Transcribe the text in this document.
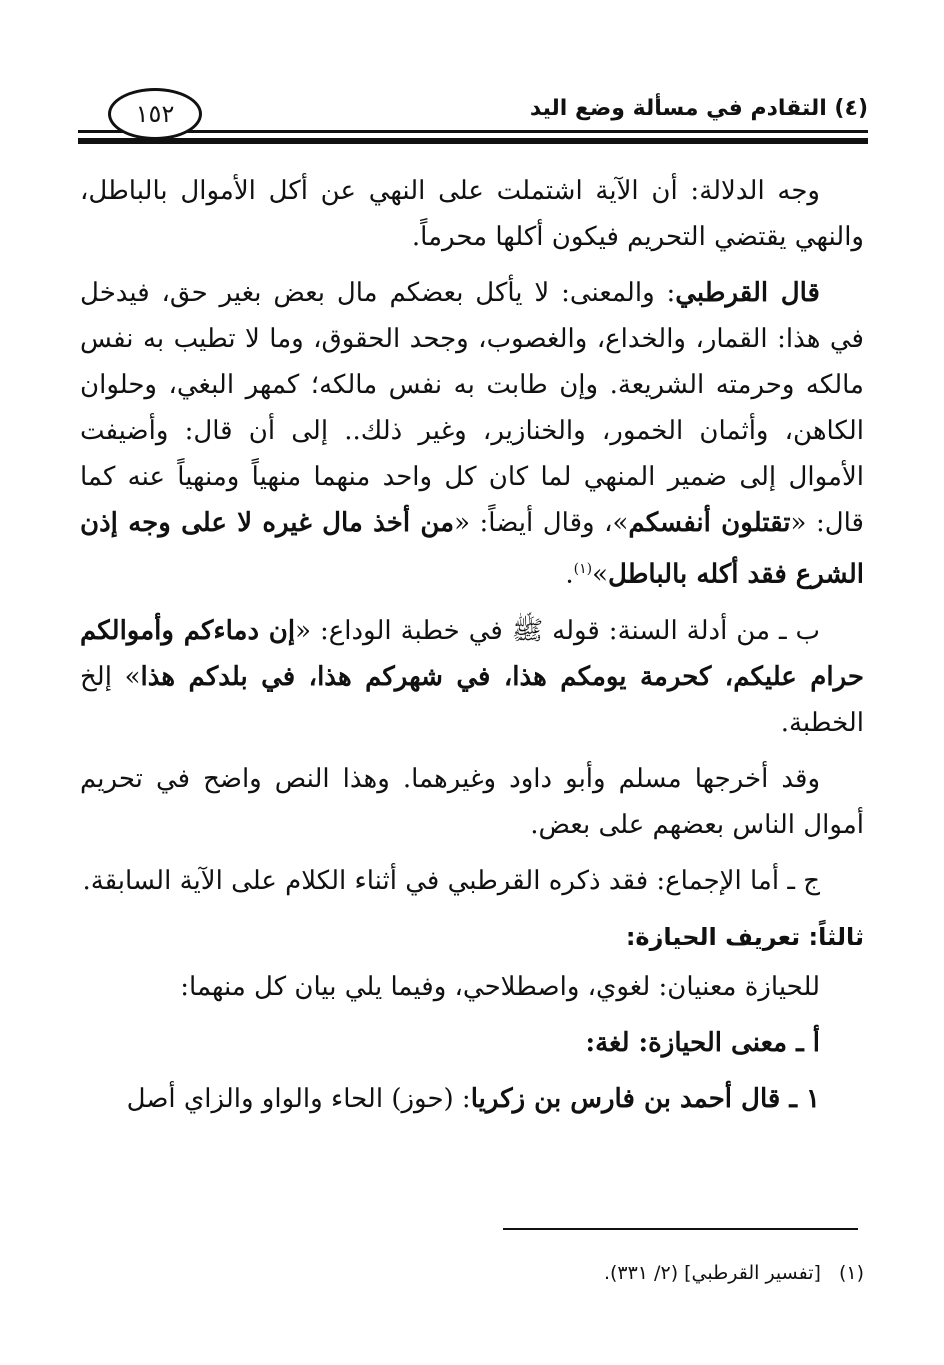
١٥٢	(٤) التقادم في مسألة وضع اليد

وجه الدلالة: أن الآية اشتملت على النهي عن أكل الأموال بالباطل، والنهي يقتضي التحريم فيكون أكلها محرماً.

قال القرطبي: والمعنى: لا يأكل بعضكم مال بعض بغير حق، فيدخل في هذا: القمار، والخداع، والغصوب، وجحد الحقوق، وما لا تطيب به نفس مالكه وحرمته الشريعة. وإن طابت به نفس مالكه؛ كمهر البغي، وحلوان الكاهن، وأثمان الخمور، والخنازير، وغير ذلك.. إلى أن قال: وأضيفت الأموال إلى ضمير المنهي لما كان كل واحد منهما منهياً ومنهياً عنه كما قال: «تقتلون أنفسكم»، وقال أيضاً: «من أخذ مال غيره لا على وجه إذن الشرع فقد أكله بالباطل»$^{(١)}$.

ب ـ من أدلة السنة: قوله ﷺ في خطبة الوداع: «إن دماءكم وأموالكم حرام عليكم، كحرمة يومكم هذا، في شهركم هذا، في بلدكم هذا» إلخ الخطبة.

وقد أخرجها مسلم وأبو داود وغيرهما. وهذا النص واضح في تحريم أموال الناس بعضهم على بعض.

ج ـ أما الإجماع: فقد ذكره القرطبي في أثناء الكلام على الآية السابقة.

ثالثاً: تعريف الحيازة:

للحيازة معنيان: لغوي، واصطلاحي، وفيما يلي بيان كل منهما:

أ ـ معنى الحيازة: لغة:

١ ـ قال أحمد بن فارس بن زكريا: (حوز) الحاء والواو والزاي أصل

(١)[تفسير القرطبي] (٢/ ٣٣١).
